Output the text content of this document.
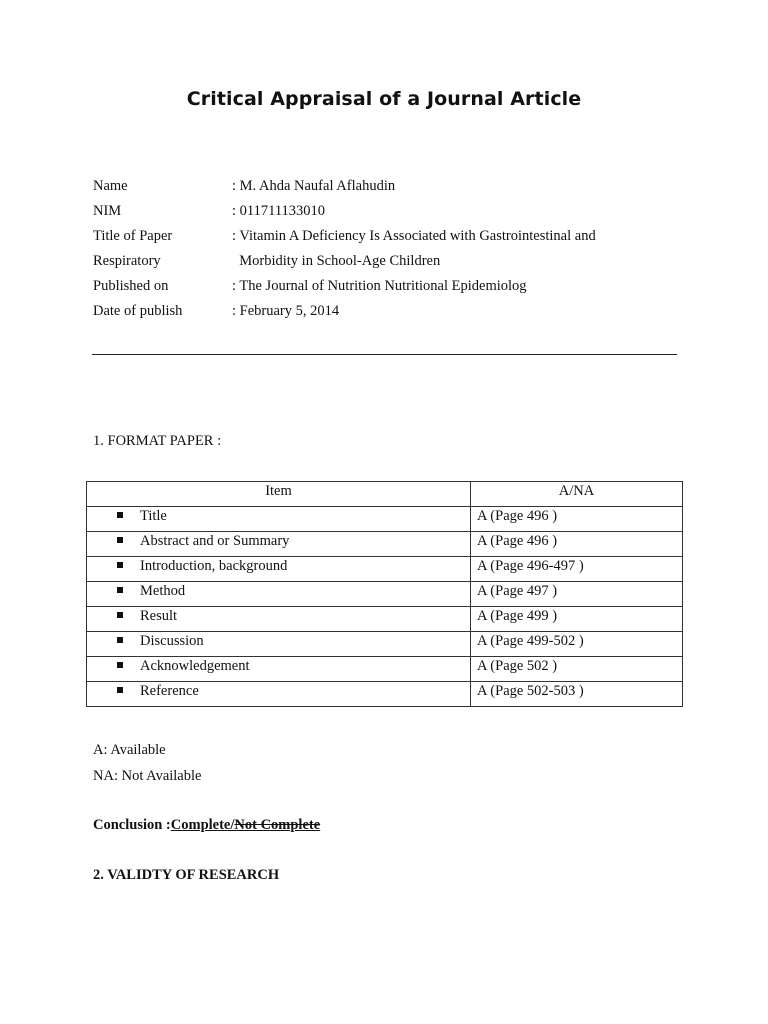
Critical Appraisal of a Journal Article
Name	: M. Ahda Naufal Aflahudin
NIM	: 011711133010
Title of Paper	: Vitamin A Deficiency Is Associated with Gastrointestinal and
Respiratory	Morbidity in School-Age Children
Published on	: The Journal of Nutrition Nutritional Epidemiolog
Date of publish	: February 5, 2014
1. FORMAT PAPER :
Item	A/NA
Title	A (Page 496 )
Abstract and or Summary	A (Page 496 )
Introduction, background	A (Page 496-497 )
Method	A (Page 497 )
Result	A (Page 499 )
Discussion	A (Page 499-502 )
Acknowledgement	A (Page 502 )
Reference	A (Page 502-503 )
A: Available
NA: Not Available
Conclusion :Complete/Not Complete
2. VALIDTY OF RESEARCH
